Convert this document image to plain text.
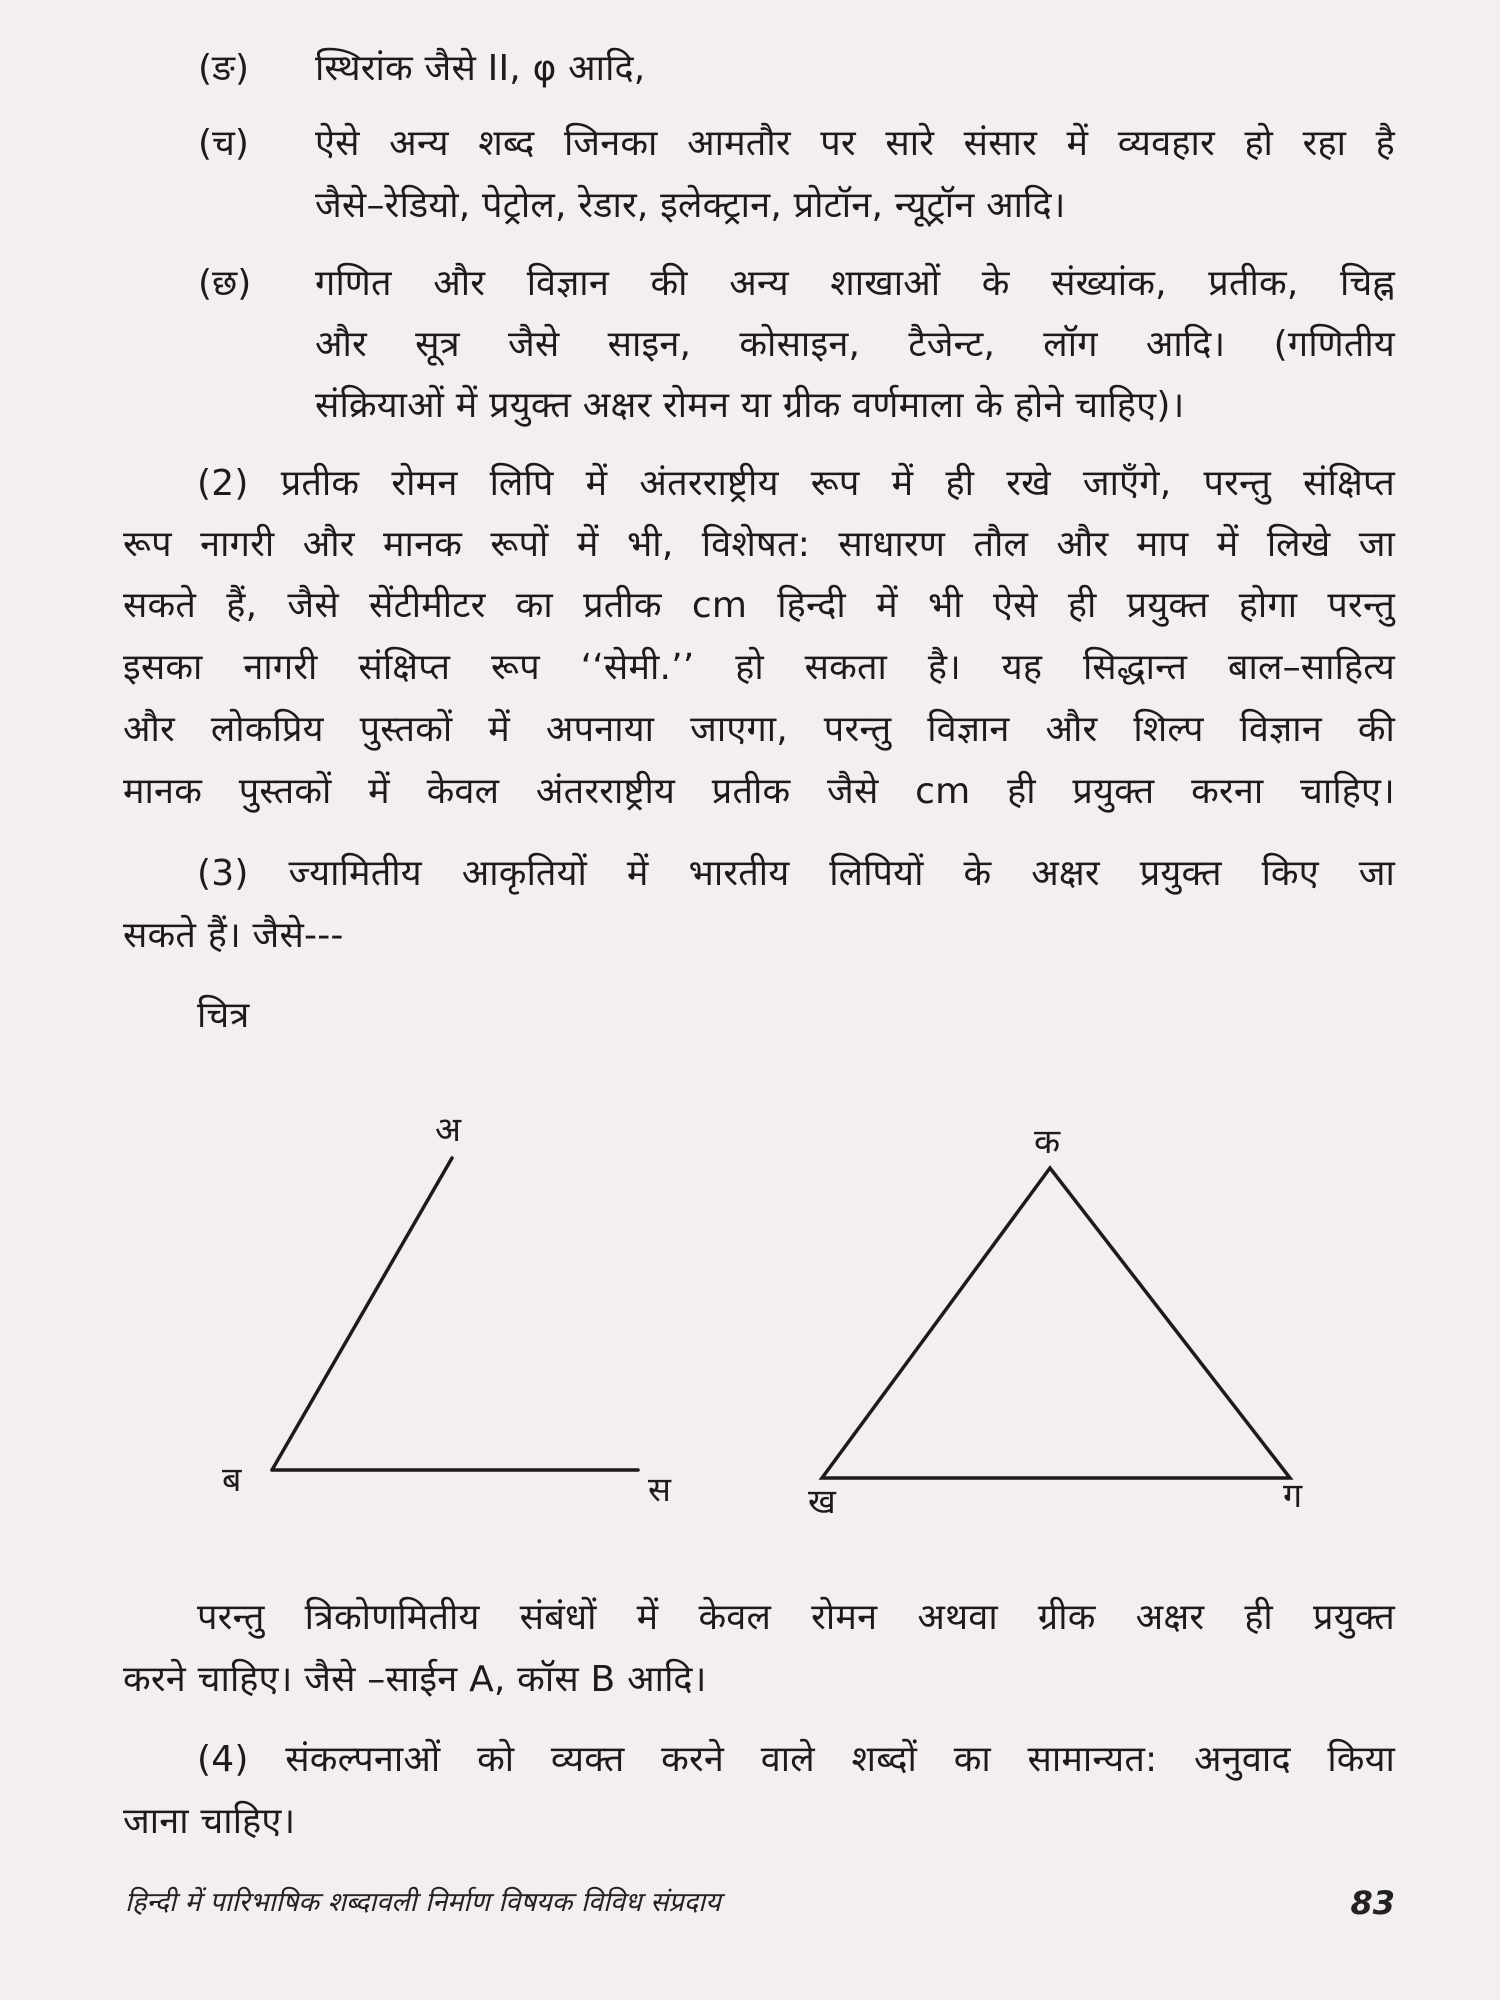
(ङ) स्थिरांक जैसे II, φ आदि,
(च) ऐसे अन्य शब्द जिनका आमतौर पर सारे संसार में व्यवहार हो रहा है
जैसे–रेडियो, पेट्रोल, रेडार, इलेक्ट्रान, प्रोटॉन, न्यूट्रॉन आदि।
(छ) गणित और विज्ञान की अन्य शाखाओं के संख्यांक, प्रतीक, चिह्न
और सूत्र जैसे साइन, कोसाइन, टैजेन्ट, लॉग आदि। (गणितीय
संक्रियाओं में प्रयुक्त अक्षर रोमन या ग्रीक वर्णमाला के होने चाहिए)।
(2) प्रतीक रोमन लिपि में अंतरराष्ट्रीय रूप में ही रखे जाएँगे, परन्तु संक्षिप्त
रूप नागरी और मानक रूपों में भी, विशेषत: साधारण तौल और माप में लिखे जा
सकते हैं, जैसे सेंटीमीटर का प्रतीक cm हिन्दी में भी ऐसे ही प्रयुक्त होगा परन्तु
इसका नागरी संक्षिप्त रूप ‘‘सेमी.’’ हो सकता है। यह सिद्धान्त बाल–साहित्य
और लोकप्रिय पुस्तकों में अपनाया जाएगा, परन्तु विज्ञान और शिल्प विज्ञान की
मानक पुस्तकों में केवल अंतरराष्ट्रीय प्रतीक जैसे cm ही प्रयुक्त करना चाहिए।
(3) ज्यामितीय आकृतियों में भारतीय लिपियों के अक्षर प्रयुक्त किए जा
सकते हैं। जैसे---
चित्र
अ
ब	स
क
ख	ग
परन्तु त्रिकोणमितीय संबंधों में केवल रोमन अथवा ग्रीक अक्षर ही प्रयुक्त
करने चाहिए। जैसे –साईन A, कॉस B आदि।
(4) संकल्पनाओं को व्यक्त करने वाले शब्दों का सामान्यत: अनुवाद किया
जाना चाहिए।
हिन्दी में पारिभाषिक शब्दावली निर्माण विषयक विविध संप्रदाय	83
